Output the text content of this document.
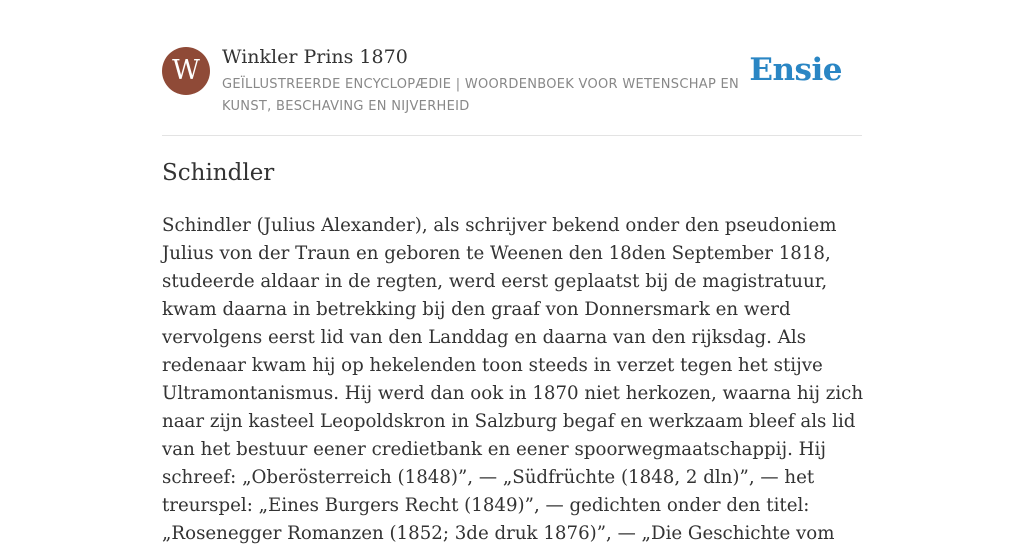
W	Winkler Prins 1870
GEÏLLUSTREERDE ENCYCLOPÆDIE | WOORDENBOEK VOOR WETENSCHAP EN KUNST, BESCHAVING EN NIJVERHEID
Ensie
Schindler

Schindler (Julius Alexander), als schrijver bekend onder den pseudoniem Julius von der Traun en geboren te Weenen den 18den September 1818, studeerde aldaar in de regten, werd eerst geplaatst bij de magistratuur, kwam daarna in betrekking bij den graaf von Donnersmark en werd vervolgens eerst lid van den Landdag en daarna van den rijksdag. Als redenaar kwam hij op hekelenden toon steeds in verzet tegen het stijve Ultramontanismus. Hij werd dan ook in 1870 niet herkozen, waarna hij zich naar zijn kasteel Leopoldskron in Salzburg begaf en werkzaam bleef als lid van het bestuur eener credietbank en eener spoorwegmaatschappij. Hij schreef: „Oberösterreich (1848)”, — „Südfrüchte (1848, 2 dln)”, — het treurspel: „Eines Burgers Recht (1849)”, — gedichten onder den titel: „Rosenegger Romanzen (1852; 3de druk 1876)”, — „Die Geschichte vom
